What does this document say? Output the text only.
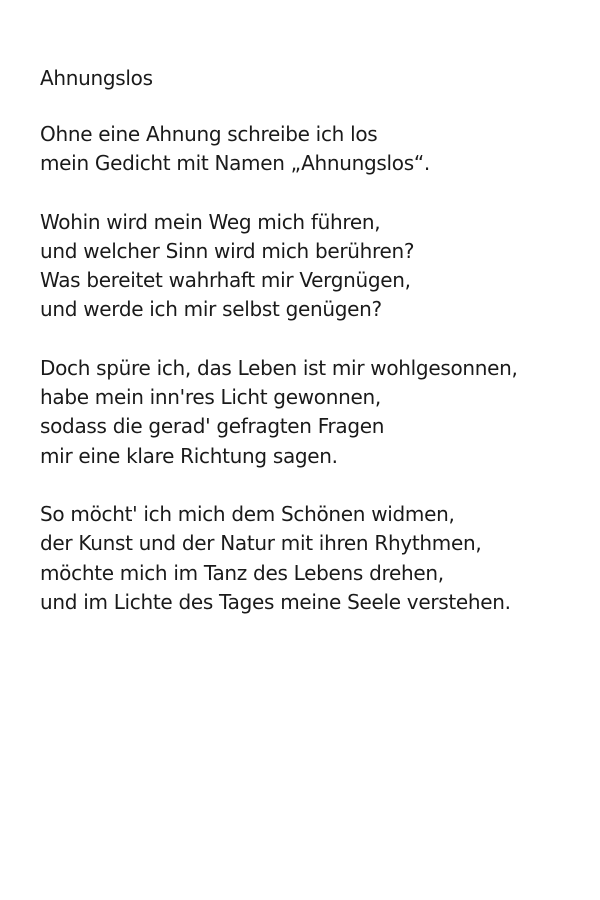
Ahnungslos
Ohne eine Ahnung schreibe ich los
mein Gedicht mit Namen „Ahnungslos“.
Wohin wird mein Weg mich führen,
und welcher Sinn wird mich berühren?
Was bereitet wahrhaft mir Vergnügen,
und werde ich mir selbst genügen?
Doch spüre ich, das Leben ist mir wohlgesonnen,
habe mein inn'res Licht gewonnen,
sodass die gerad' gefragten Fragen
mir eine klare Richtung sagen.
So möcht' ich mich dem Schönen widmen,
der Kunst und der Natur mit ihren Rhythmen,
möchte mich im Tanz des Lebens drehen,
und im Lichte des Tages meine Seele verstehen.
